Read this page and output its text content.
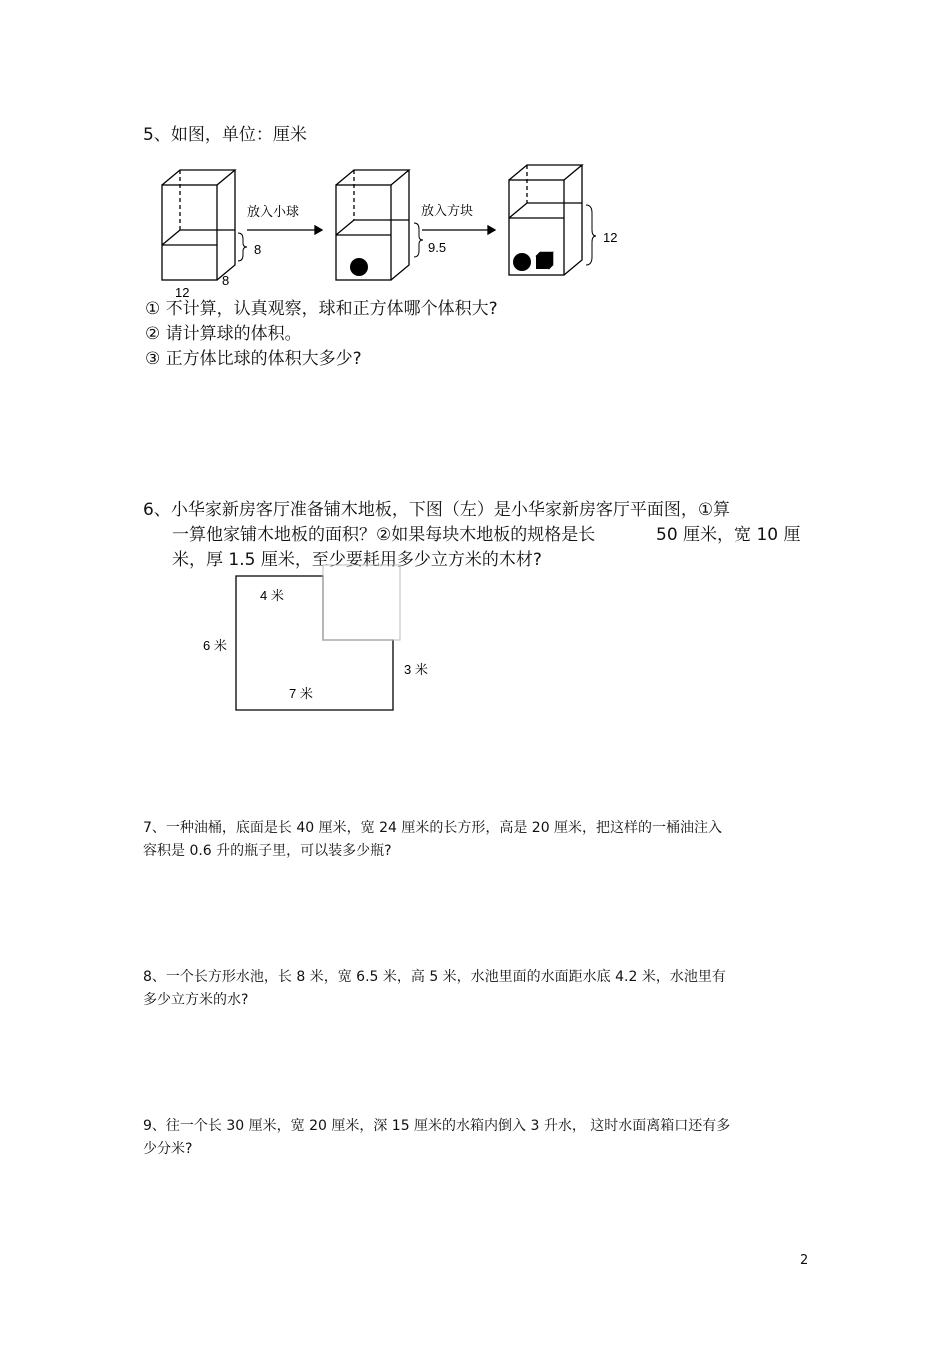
5、如图，单位：厘米
放入小球	放入方块
8
8
12
9.5
12
① 不计算，认真观察，球和正方体哪个体积大?
② 请计算球的体积。
③ 正方体比球的体积大多少?
6、小华家新房客厅准备铺木地板，下图（左）是小华家新房客厅平面图，①算
一算他家铺木地板的面积？②如果每块木地板的规格是长	50 厘米，宽 10 厘
米，厚 1.5 厘米，至少要耗用多少立方米的木材?
4 米
6 米
3 米
7 米
7、一种油桶，底面是长 40 厘米，宽 24 厘米的长方形，高是 20 厘米，把这样的一桶油注入
容积是 0.6 升的瓶子里，可以装多少瓶?
8、一个长方形水池，长 8 米，宽 6.5 米，高 5 米，水池里面的水面距水底 4.2 米，水池里有
多少立方米的水?
9、往一个长 30 厘米，宽 20 厘米，深 15 厘米的水箱内倒入 3 升水， 这时水面离箱口还有多
少分米?
2
